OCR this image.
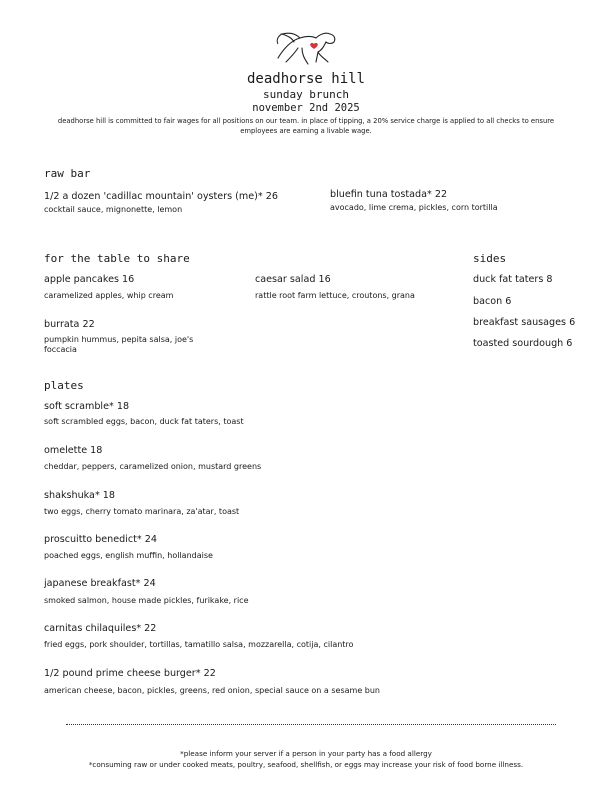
deadhorse hill
sunday brunch
november 2nd 2025
deadhorse hill is committed to fair wages for all positions on our team. in place of tipping, a 20% service charge is applied to all checks to ensure employees are earning a livable wage.
raw bar
1/2 a dozen 'cadillac mountain' oysters (me)* 26
cocktail sauce, mignonette, lemon
bluefin tuna tostada* 22
avocado, lime crema, pickles, corn tortilla
for the table to share
apple pancakes 16
caramelized apples, whip cream
caesar salad 16
rattle root farm lettuce, croutons, grana
burrata 22
pumpkin hummus, pepita salsa, joe's foccacia
sides
duck fat taters 8
bacon 6
breakfast sausages 6
toasted sourdough 6
plates
soft scramble* 18
soft scrambled eggs, bacon, duck fat taters, toast
omelette 18
cheddar, peppers, caramelized onion, mustard greens
shakshuka* 18
two eggs, cherry tomato marinara, za'atar, toast
proscuitto benedict* 24
poached eggs, english muffin, hollandaise
japanese breakfast* 24
smoked salmon, house made pickles, furikake, rice
carnitas chilaquiles* 22
fried eggs, pork shoulder, tortillas, tamatillo salsa, mozzarella, cotija, cilantro
1/2 pound prime cheese burger* 22
american cheese, bacon, pickles, greens, red onion, special sauce on a sesame bun
*please inform your server if a person in your party has a food allergy
*consuming raw or under cooked meats, poultry, seafood, shellfish, or eggs may increase your risk of food borne illness.
